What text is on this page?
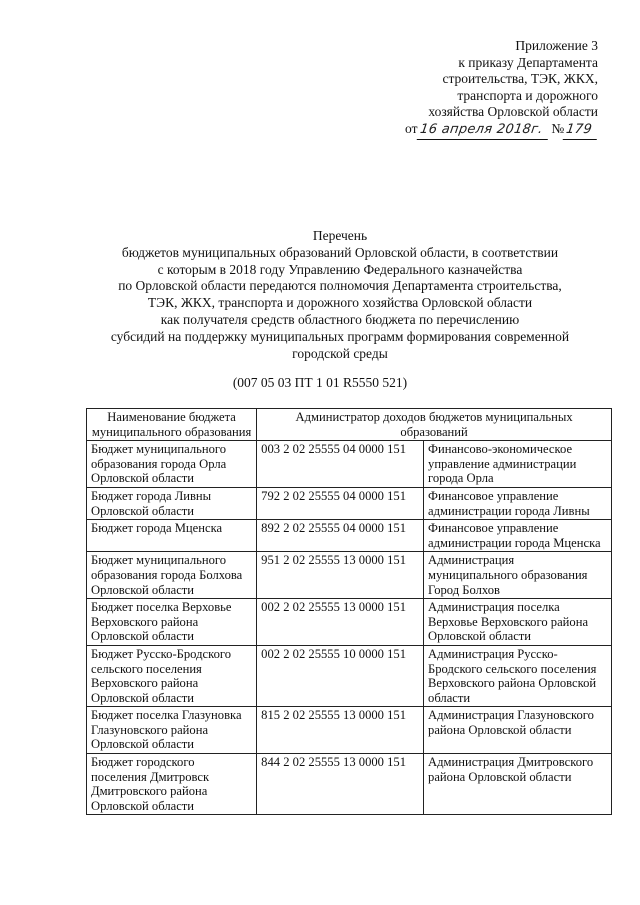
Приложение 3
к приказу Департамента
строительства, ТЭК, ЖКХ,
транспорта и дорожного
хозяйства Орловской области
от16 апреля 2018г. №179
Перечень
бюджетов муниципальных образований Орловской области, в соответствии
с которым в 2018 году Управлению Федерального казначейства
по Орловской области передаются полномочия Департамента строительства,
ТЭК, ЖКХ, транспорта и дорожного хозяйства Орловской области
как получателя средств областного бюджета по перечислению
субсидий на поддержку муниципальных программ формирования современной
городской среды
(007 05 03 ПТ 1 01 R5550 521)
Наименование бюджета муниципального образования	Администратор доходов бюджетов муниципальных образований	
Бюджет муниципального образования города Орла Орловской области	003 2 02 25555 04 0000 151	Финансово-экономическое управление администрации города Орла
Бюджет города Ливны Орловской области	792 2 02 25555 04 0000 151	Финансовое управление администрации города Ливны
Бюджет города Мценска	892 2 02 25555 04 0000 151	Финансовое управление администрации города Мценска
Бюджет муниципального образования города Болхова Орловской области	951 2 02 25555 13 0000 151	Администрация муниципального образования Город Болхов
Бюджет поселка Верховье Верховского района Орловской области	002 2 02 25555 13 0000 151	Администрация поселка Верховье Верховского района Орловской области
Бюджет Русско-Бродского сельского поселения Верховского района Орловской области	002 2 02 25555 10 0000 151	Администрация Русско-Бродского сельского поселения Верховского района Орловской области
Бюджет поселка Глазуновка Глазуновского района Орловской области	815 2 02 25555 13 0000 151	Администрация Глазуновского района Орловской области
Бюджет городского поселения Дмитровск Дмитровского района Орловской области	844 2 02 25555 13 0000 151	Администрация Дмитровского района Орловской области
